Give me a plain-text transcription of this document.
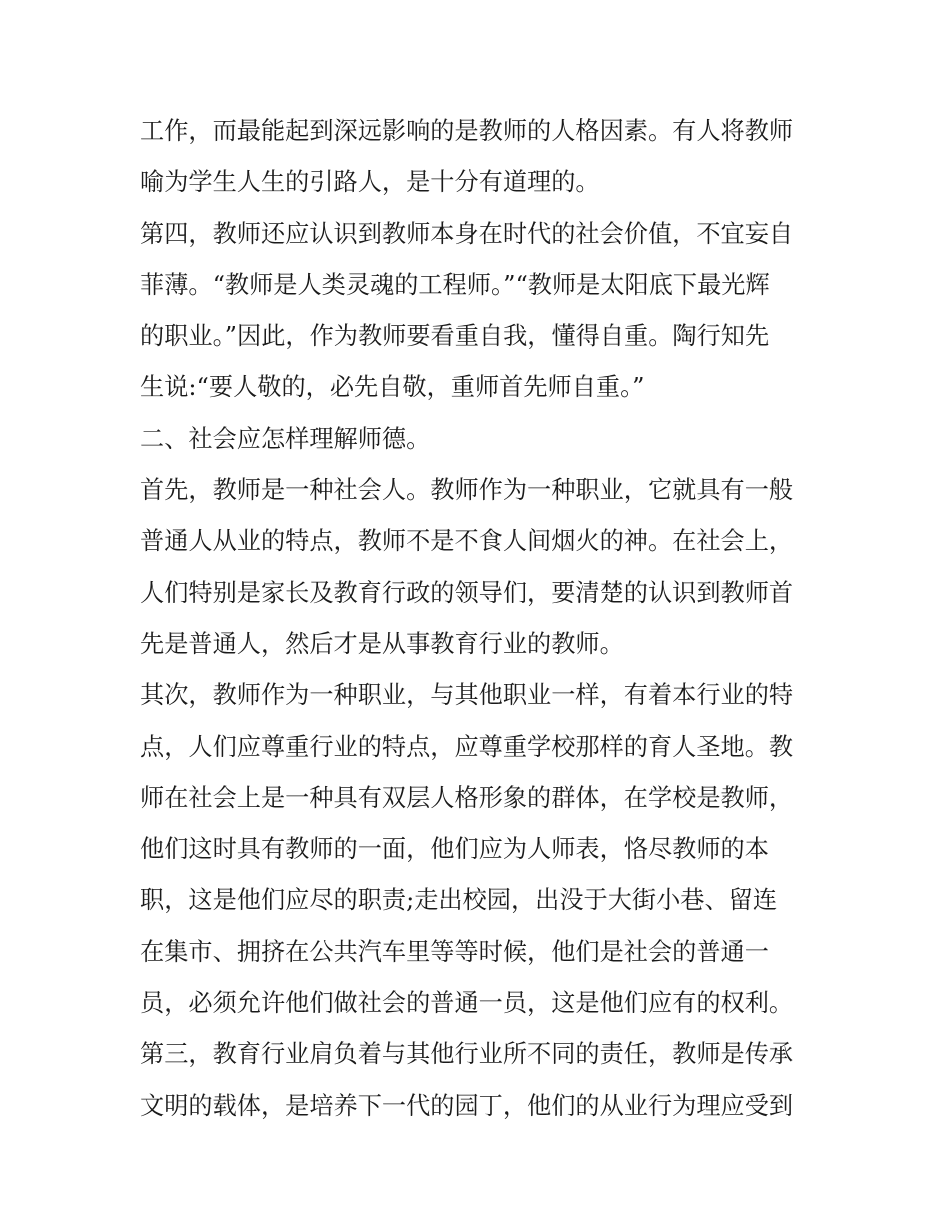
工作，而最能起到深远影响的是教师的人格因素。有人将教师
喻为学生人生的引路人，是十分有道理的。
第四，教师还应认识到教师本身在时代的社会价值，不宜妄自
菲薄。“教师是人类灵魂的工程师。”“教师是太阳底下最光辉
的职业。”因此，作为教师要看重自我，懂得自重。陶行知先
生说:“要人敬的，必先自敬，重师首先师自重。”
二、社会应怎样理解师德。
首先，教师是一种社会人。教师作为一种职业，它就具有一般
普通人从业的特点，教师不是不食人间烟火的神。在社会上，
人们特别是家长及教育行政的领导们，要清楚的认识到教师首
先是普通人，然后才是从事教育行业的教师。
其次，教师作为一种职业，与其他职业一样，有着本行业的特
点，人们应尊重行业的特点，应尊重学校那样的育人圣地。教
师在社会上是一种具有双层人格形象的群体，在学校是教师，
他们这时具有教师的一面，他们应为人师表，恪尽教师的本
职，这是他们应尽的职责;走出校园，出没于大街小巷、留连
在集市、拥挤在公共汽车里等等时候，他们是社会的普通一
员，必须允许他们做社会的普通一员，这是他们应有的权利。
第三，教育行业肩负着与其他行业所不同的责任，教师是传承
文明的载体，是培养下一代的园丁，他们的从业行为理应受到
